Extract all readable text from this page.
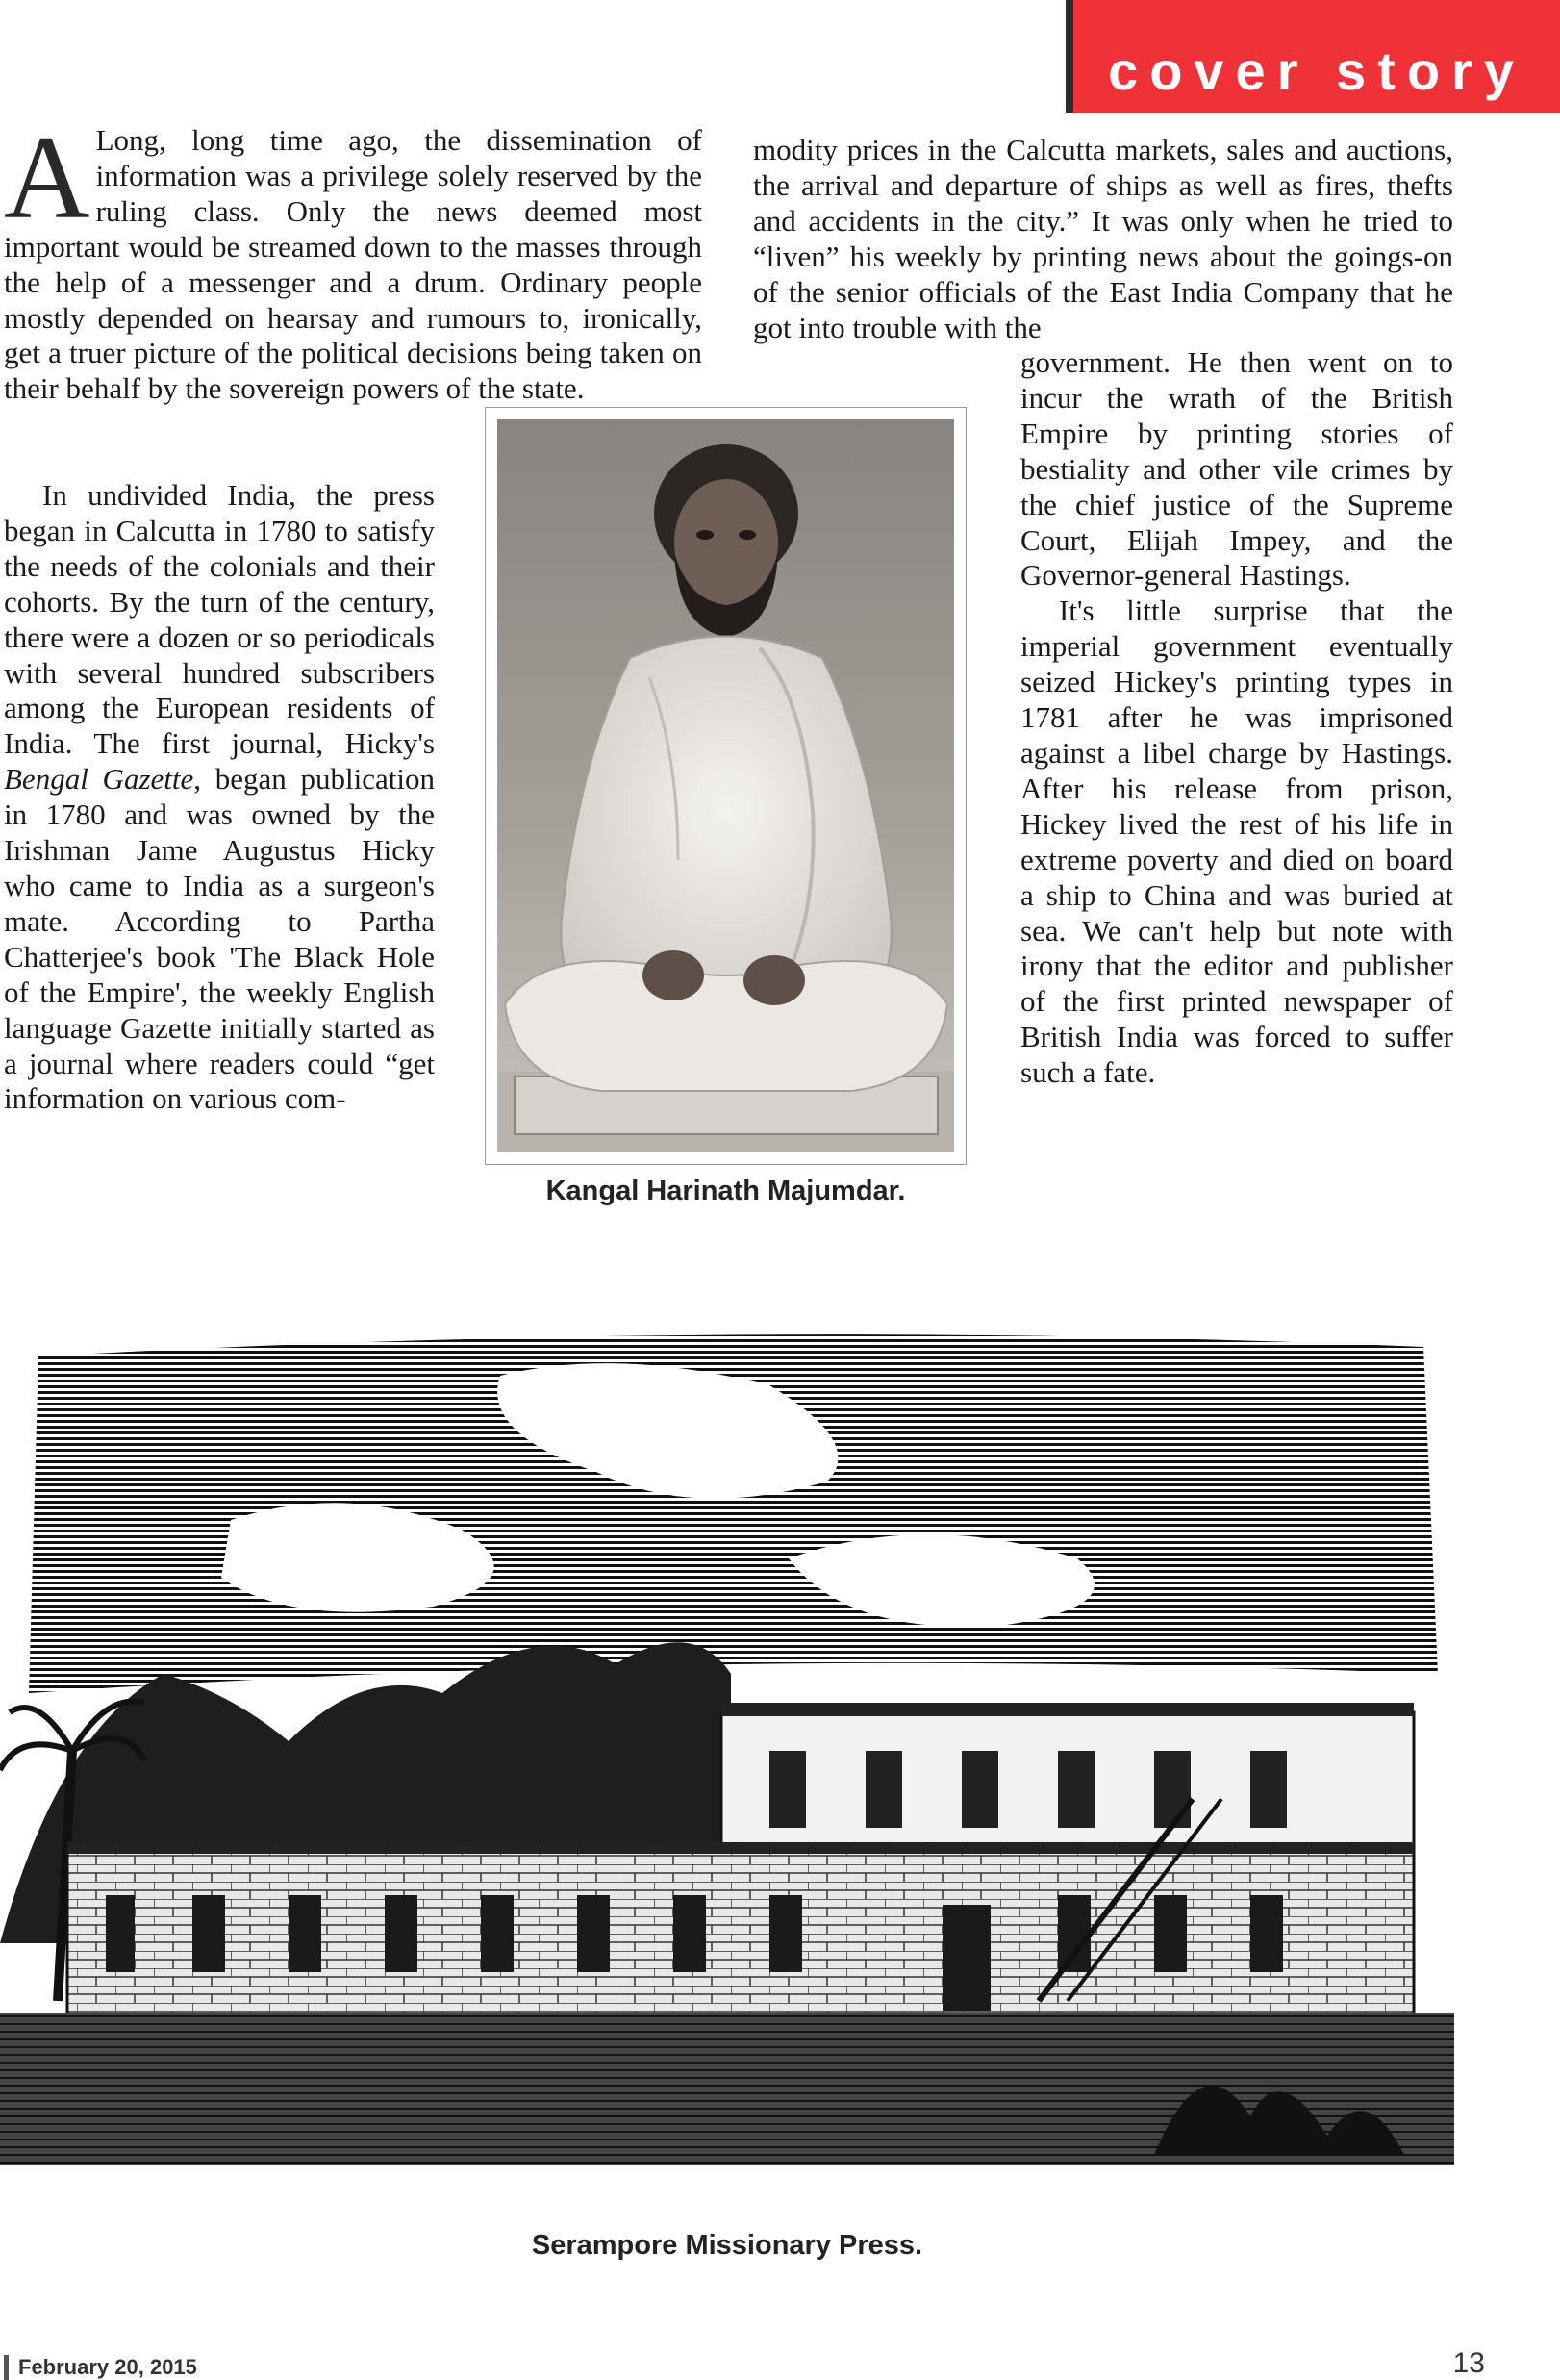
cover story

A Long, long time ago, the dissemination of information was a privilege solely reserved by the ruling class. Only the news deemed most important would be streamed down to the masses through the help of a messenger and a drum. Ordinary people mostly depended on hearsay and rumours to, ironically, get a truer picture of the political decisions being taken on their behalf by the sovereign powers of the state.

In undivided India, the press began in Calcutta in 1780 to satisfy the needs of the colonials and their cohorts. By the turn of the century, there were a dozen or so periodicals with several hundred subscribers among the European residents of India. The first journal, Hicky's Bengal Gazette, began publication in 1780 and was owned by the Irishman Jame Augustus Hicky who came to India as a surgeon's mate. According to Partha Chatterjee's book 'The Black Hole of the Empire', the weekly English language Gazette initially started as a journal where readers could “get information on various com-

modity prices in the Calcutta markets, sales and auctions, the arrival and departure of ships as well as fires, thefts and accidents in the city.” It was only when he tried to “liven” his weekly by printing news about the goings-on of the senior officials of the East India Company that he got into trouble with the

government. He then went on to incur the wrath of the British Empire by printing stories of bestiality and other vile crimes by the chief justice of the Supreme Court, Elijah Impey, and the Governor-general Hastings.

It's little surprise that the imperial government eventually seized Hickey's printing types in 1781 after he was imprisoned against a libel charge by Hastings. After his release from prison, Hickey lived the rest of his life in extreme poverty and died on board a ship to China and was buried at sea. We can't help but note with irony that the editor and publisher of the first printed newspaper of British India was forced to suffer such a fate.

Kangal Harinath Majumdar.
Serampore Missionary Press.
February 20, 2015	13
